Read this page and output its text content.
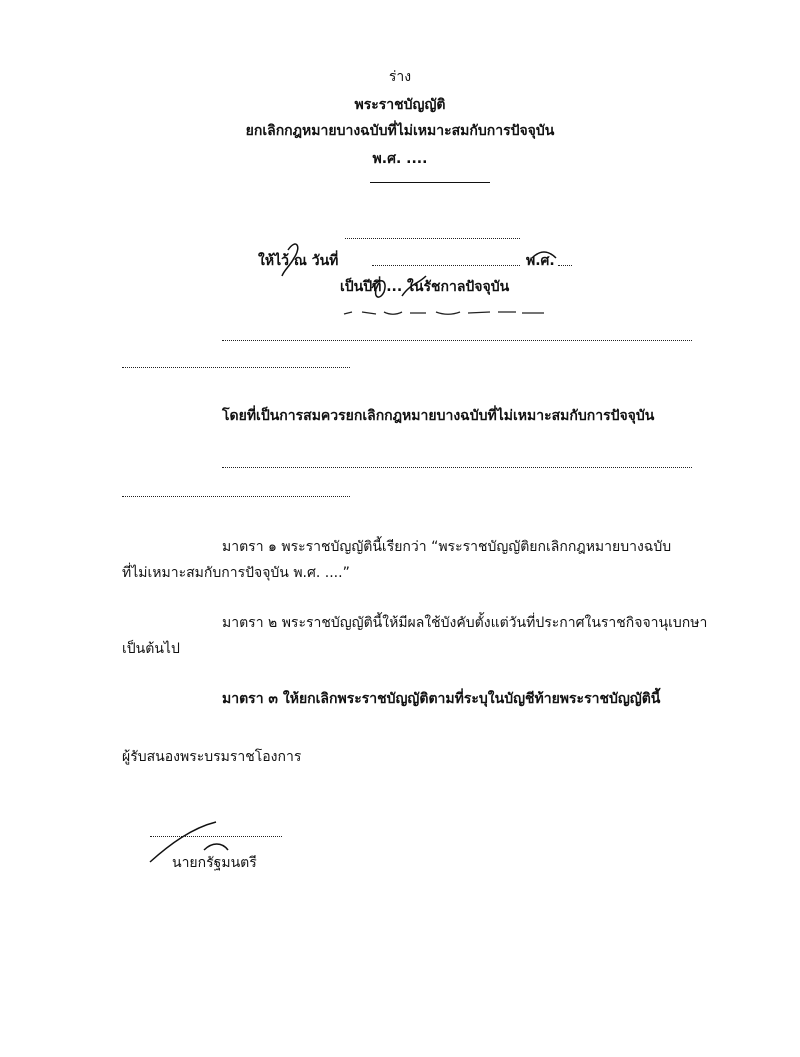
ร่าง
พระราชบัญญัติ
ยกเลิกกฎหมายบางฉบับที่ไม่เหมาะสมกับการปัจจุบัน
พ.ศ. ....
ให้ไว้ ณ วันที่	พ.ศ.
เป็นปีที่ ... ในรัชกาลปัจจุบัน
โดยที่เป็นการสมควรยกเลิกกฎหมายบางฉบับที่ไม่เหมาะสมกับการปัจจุบัน
มาตรา ๑ พระราชบัญญัตินี้เรียกว่า “พระราชบัญญัติยกเลิกกฎหมายบางฉบับ
ที่ไม่เหมาะสมกับการปัจจุบัน พ.ศ. ....”
มาตรา ๒ พระราชบัญญัตินี้ให้มีผลใช้บังคับตั้งแต่วันที่ประกาศในราชกิจจานุเบกษา
เป็นต้นไป
มาตรา ๓ ให้ยกเลิกพระราชบัญญัติตามที่ระบุในบัญชีท้ายพระราชบัญญัตินี้
ผู้รับสนองพระบรมราชโองการ
นายกรัฐมนตรี
